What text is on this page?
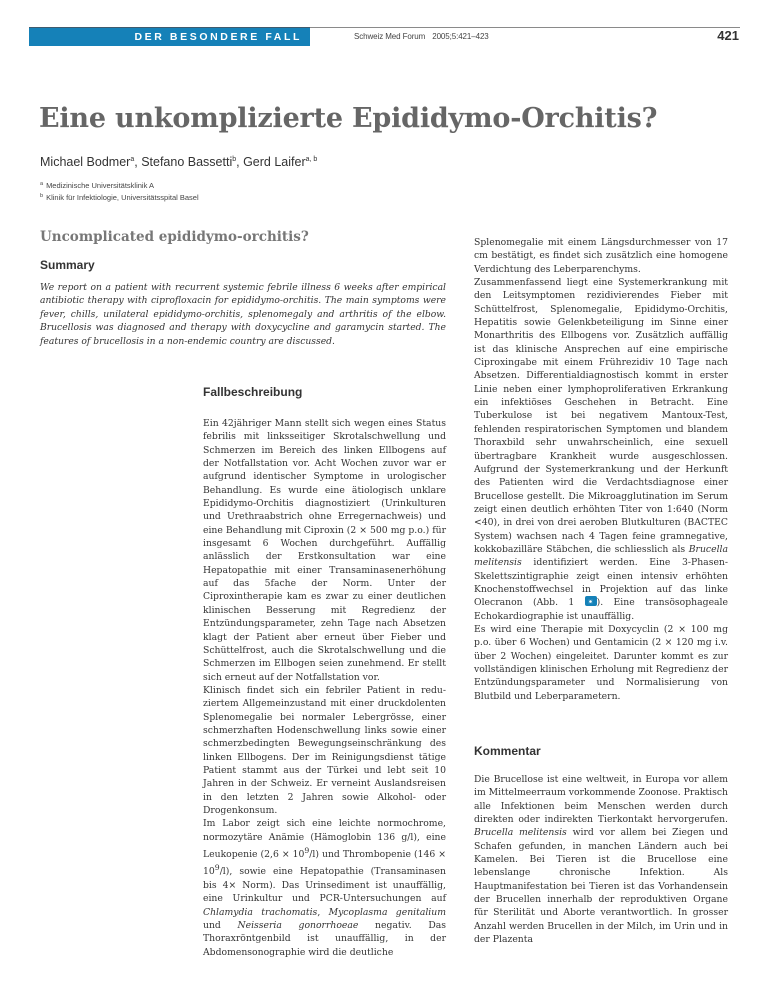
DER BESONDERE FALL	Schweiz Med Forum 2005;5:421–423	421
Eine unkomplizierte Epididymo-Orchitis?
Michael Bodmer$^a$, Stefano Bassetti$^b$, Gerd Laifer$^{a, b}$
$^a$ Medizinische Universitätsklinik A
$^b$ Klinik für Infektiologie, Universitätsspital Basel
Uncomplicated epididymo-orchitis?
Summary

We report on a patient with recurrent systemic febrile illness 6 weeks after empirical antibiotic therapy with ciprofloxacin for epididymo-orchitis. The main symptoms were fever, chills, unilateral epididymo-orchitis, splenomegaly and arthritis of the elbow. Brucellosis was diagnosed and therapy with doxycycline and garamycin started. The features of brucellosis in a non-endemic country are discussed.

Fallbeschreibung

Ein 42jähriger Mann stellt sich wegen eines Status febrilis mit linksseitiger Skrotalschwellung und Schmerzen im Bereich des linken Ellbogens auf der Notfallstation vor. Acht Wochen zuvor war er aufgrund identischer Symptome in urologischer Behandlung. Es wurde eine ätiologisch unklare Epididymo-Orchitis diagnostiziert (Urinkulturen und Urethraabstrich ohne Erregernachweis) und eine Behandlung mit Ciproxin (2 × 500 mg p.o.) für insgesamt 6 Wochen durchgeführt. Auffällig anlässlich der Erstkonsultation war eine Hepatopathie mit einer Transaminasenerhöhung auf das 5fache der Norm. Unter der Ciproxintherapie kam es zwar zu einer deutlichen klinischen Besserung mit Regredienz der Entzündungsparameter, zehn Tage nach Absetzen klagt der Patient aber erneut über Fieber und Schüttelfrost, auch die Skrotalschwellung und die Schmerzen im Ellbogen seien zunehmend. Er stellt sich erneut auf der Notfallstation vor.

Klinisch findet sich ein febriler Patient in reduziertem Allgemeinzustand mit einer druckdolenten Splenomegalie bei normaler Lebergrösse, einer schmerzhaften Hodenschwellung links sowie einer schmerzbedingten Bewegungseinschränkung des linken Ellbogens. Der im Reinigungsdienst tätige Patient stammt aus der Türkei und lebt seit 10 Jahren in der Schweiz. Er verneint Auslandsreisen in den letzten 2 Jahren sowie Alkohol- oder Drogenkonsum.

Im Labor zeigt sich eine leichte normochrome, normozytäre Anämie (Hämoglobin 136 g/l), eine Leukopenie $(2,6 \times 10^9/l)$ und Thrombopenie $(146 \times 10^9/l)$, sowie eine Hepatopathie (Transaminasen bis 4× Norm). Das Urinsediment ist unauffällig, eine Urinkultur und PCR-Untersuchungen auf Chlamydia trachomatis, Mycoplasma genitalium und Neisseria gonorrhoeae negativ. Das Thoraxröntgenbild ist unauffällig, in der Abdomensonographie wird die deutliche

Splenomegalie mit einem Längsdurchmesser von 17 cm bestätigt, es findet sich zusätzlich eine homogene Verdichtung des Leberparenchyms.

Zusammenfassend liegt eine Systemerkrankung mit den Leitsymptomen rezidivierendes Fieber mit Schüttelfrost, Splenomegalie, Epididymo-Orchitis, Hepatitis sowie Gelenkbeteiligung im Sinne einer Monarthritis des Ellbogens vor. Zusätzlich auffällig ist das klinische Ansprechen auf eine empirische Ciproxingabe mit einem Frührezidiv 10 Tage nach Absetzen. Differentialdiagnostisch kommt in erster Linie neben einer lymphoproliferativen Erkrankung ein infektiöses Geschehen in Betracht. Eine Tuberkulose ist bei negativem Mantoux-Test, fehlenden respiratorischen Symptomen und blandem Thoraxbild sehr unwahrscheinlich, eine sexuell übertragbare Krankheit wurde ausgeschlossen. Aufgrund der Systemerkrankung und der Herkunft des Patienten wird die Verdachtsdiagnose einer Brucellose gestellt. Die Mikroagglutination im Serum zeigt einen deutlich erhöhten Titer von 1:640 (Norm <40), in drei von drei aeroben Blutkulturen (BACTEC System) wachsen nach 4 Tagen feine gramnegative, kokkobazilläre Stäbchen, die schliesslich als Brucella melitensis identifiziert werden. Eine 3-Phasen-Skelettszintigraphie zeigt einen intensiv erhöhten Knochenstoffwechsel in Projektion auf das linke Olecranon (Abb. 1 ). Eine transösophageale Echokardiographie ist unauffällig.

Es wird eine Therapie mit Doxycyclin (2 × 100 mg p.o. über 6 Wochen) und Gentamicin (2 × 120 mg i.v. über 2 Wochen) eingeleitet. Darunter kommt es zur vollständigen klinischen Erholung mit Regredienz der Entzündungsparameter und Normalisierung von Blutbild und Leberparametern.

Kommentar

Die Brucellose ist eine weltweit, in Europa vor allem im Mittelmeerraum vorkommende Zoonose. Praktisch alle Infektionen beim Menschen werden durch direkten oder indirekten Tierkontakt hervorgerufen. Brucella melitensis wird vor allem bei Ziegen und Schafen gefunden, in manchen Ländern auch bei Kamelen. Bei Tieren ist die Brucellose eine lebenslange chronische Infektion. Als Hauptmanifestation bei Tieren ist das Vorhandensein der Brucellen innerhalb der reproduktiven Organe für Sterilität und Aborte verantwortlich. In grosser Anzahl werden Brucellen in der Milch, im Urin und in der Plazenta
